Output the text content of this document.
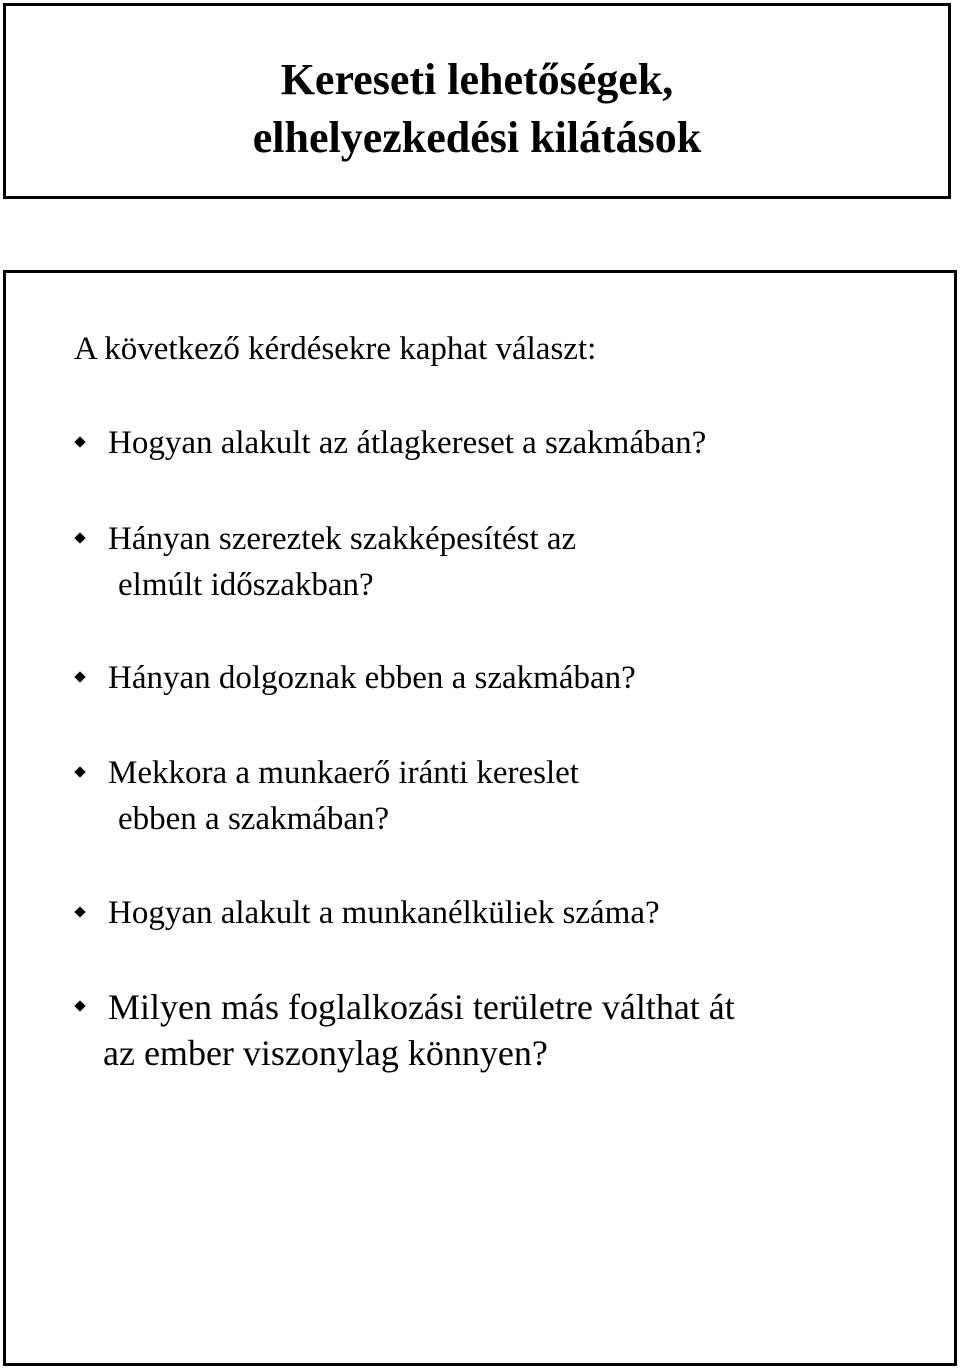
Kereseti lehetőségek,
elhelyezkedési kilátások
A következő kérdésekre kaphat választ:
Hogyan alakult az átlagkereset a szakmában?
Hányan szereztek szakképesítést az
elmúlt időszakban?
Hányan dolgoznak ebben a szakmában?
Mekkora a munkaerő iránti kereslet
ebben a szakmában?
Hogyan alakult a munkanélküliek száma?
Milyen más foglalkozási területre válthat át
az ember viszonylag könnyen?
